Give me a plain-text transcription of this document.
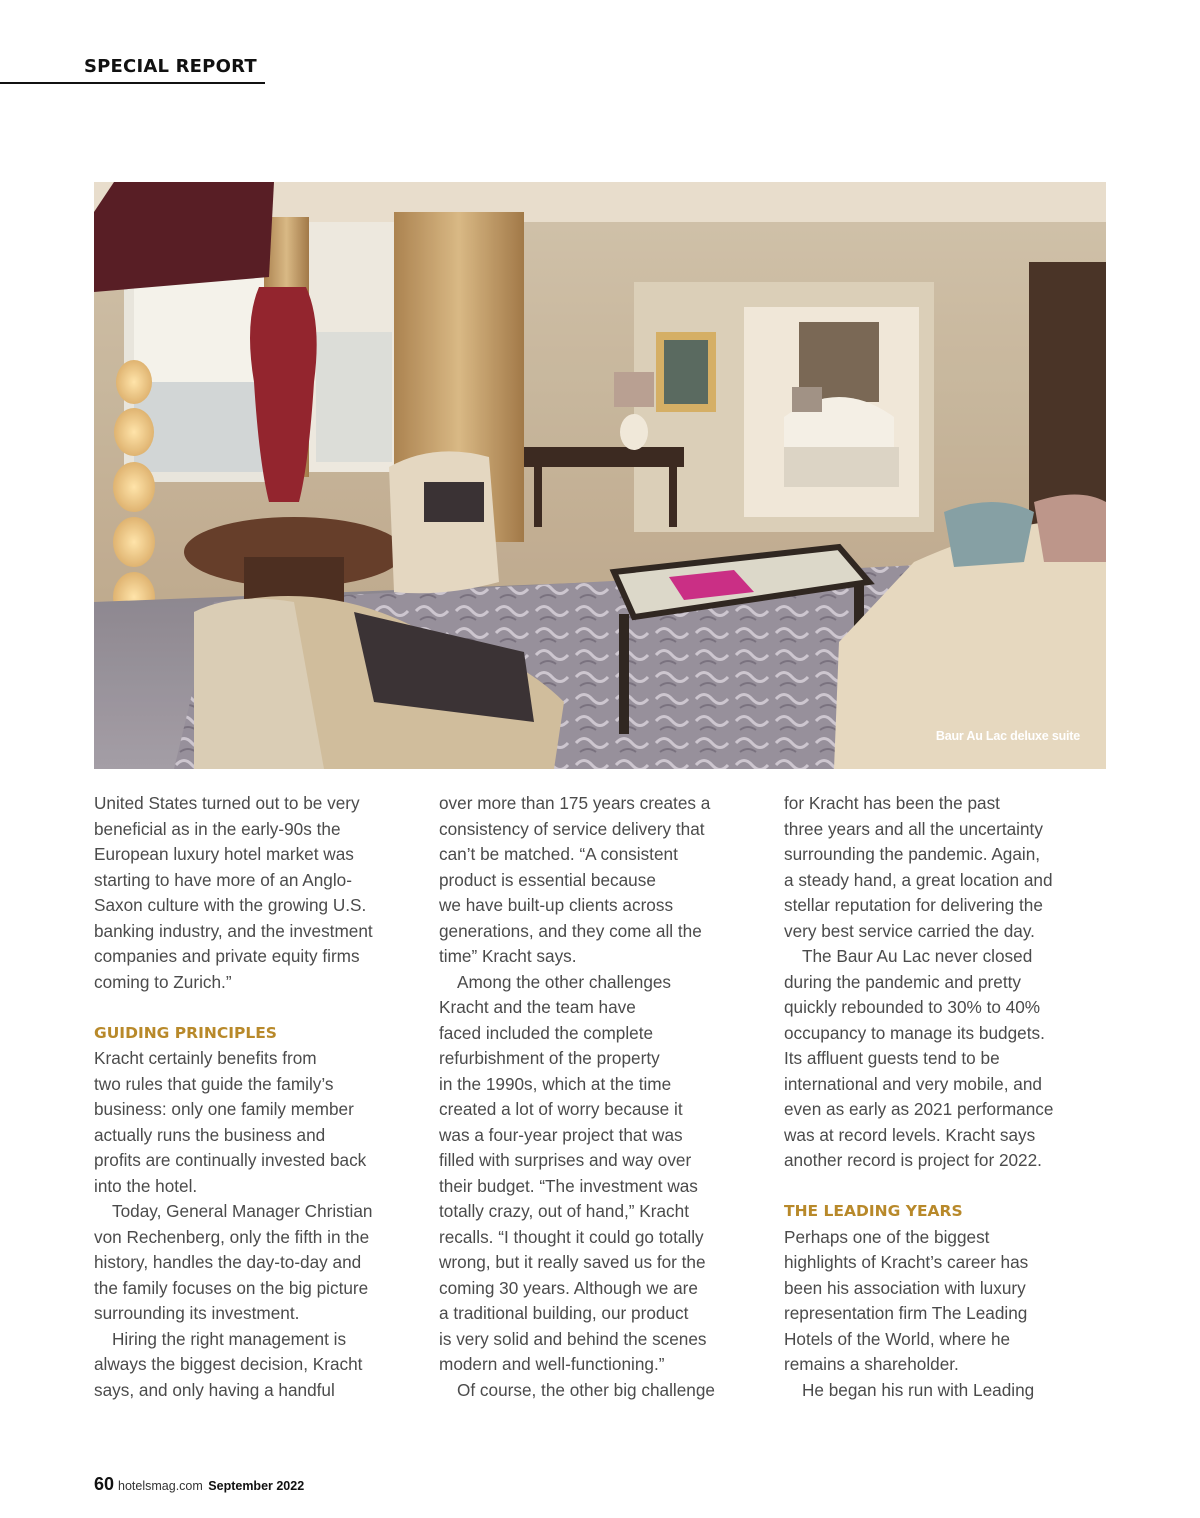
SPECIAL REPORT
Baur Au Lac deluxe suite
United States turned out to be very
beneficial as in the early-90s the
European luxury hotel market was
starting to have more of an Anglo-
Saxon culture with the growing U.S.
banking industry, and the investment
companies and private equity firms
coming to Zurich.”
GUIDING PRINCIPLES
Kracht certainly benefits from
two rules that guide the family’s
business: only one family member
actually runs the business and
profits are continually invested back
into the hotel.
Today, General Manager Christian
von Rechenberg, only the fifth in the
history, handles the day-to-day and
the family focuses on the big picture
surrounding its investment.
Hiring the right management is
always the biggest decision, Kracht
says, and only having a handful
over more than 175 years creates a
consistency of service delivery that
can’t be matched. “A consistent
product is essential because
we have built-up clients across
generations, and they come all the
time” Kracht says.
Among the other challenges
Kracht and the team have
faced included the complete
refurbishment of the property
in the 1990s, which at the time
created a lot of worry because it
was a four-year project that was
filled with surprises and way over
their budget. “The investment was
totally crazy, out of hand,” Kracht
recalls. “I thought it could go totally
wrong, but it really saved us for the
coming 30 years. Although we are
a traditional building, our product
is very solid and behind the scenes
modern and well-functioning.”
Of course, the other big challenge
for Kracht has been the past
three years and all the uncertainty
surrounding the pandemic. Again,
a steady hand, a great location and
stellar reputation for delivering the
very best service carried the day.
The Baur Au Lac never closed
during the pandemic and pretty
quickly rebounded to 30% to 40%
occupancy to manage its budgets.
Its affluent guests tend to be
international and very mobile, and
even as early as 2021 performance
was at record levels. Kracht says
another record is project for 2022.
THE LEADING YEARS
Perhaps one of the biggest
highlights of Kracht’s career has
been his association with luxury
representation firm The Leading
Hotels of the World, where he
remains a shareholder.
He began his run with Leading
60 hotelsmag.com September 2022
